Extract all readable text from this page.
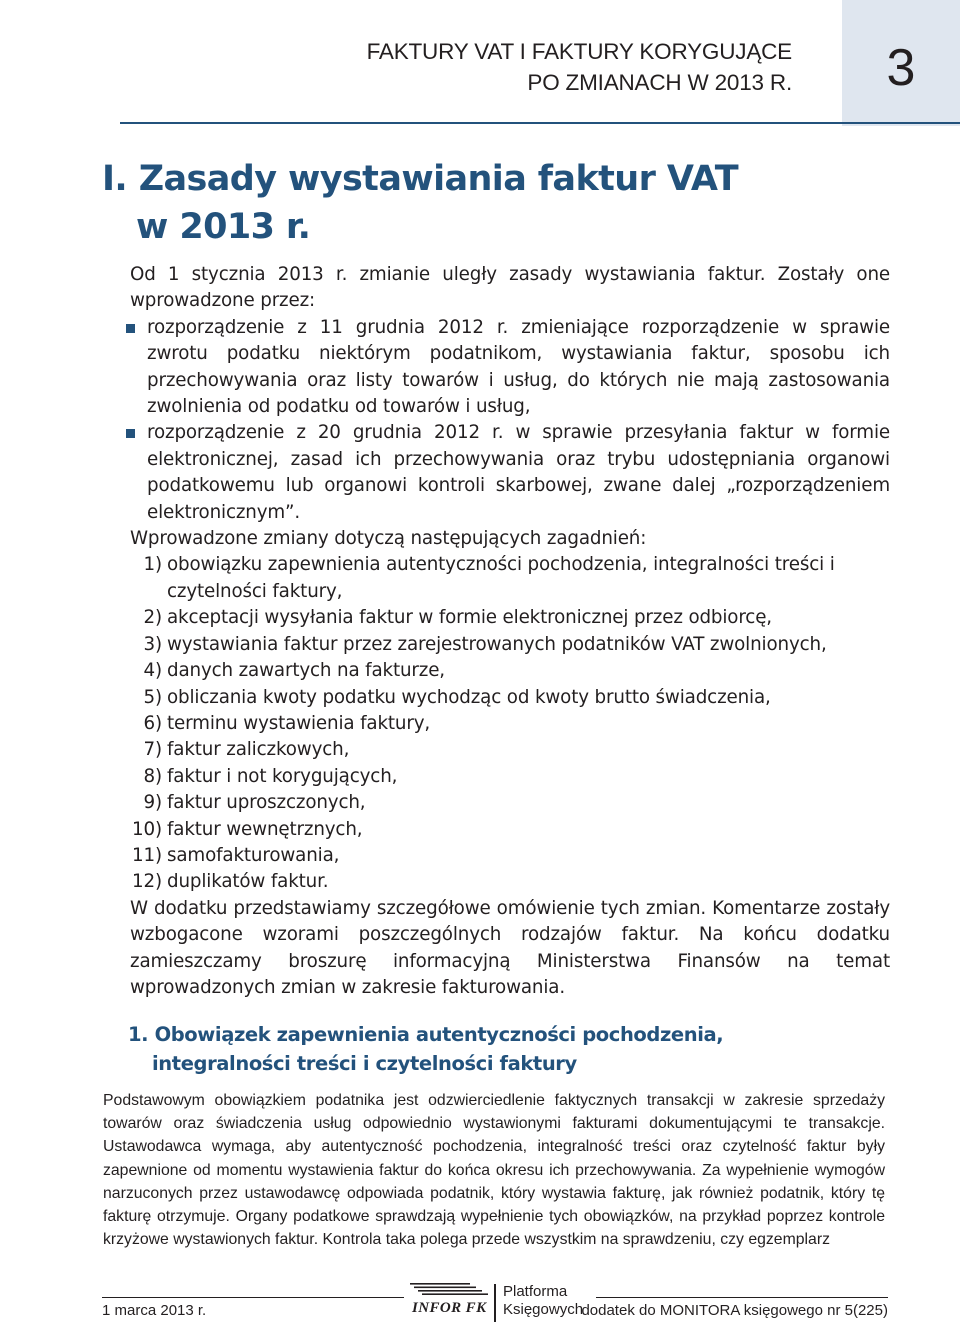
3
FAKTURY VAT I FAKTURY KORYGUJĄCE
PO ZMIANACH W 2013 R.
I. Zasady wystawiania faktur VAT
w 2013 r.

Od 1 stycznia 2013 r. zmianie uległy zasady wystawiania faktur. Zostały one wprowadzone przez:

rozporządzenie z 11 grudnia 2012 r. zmieniające rozporządzenie w sprawie zwrotu podatku niektórym podatnikom, wystawiania faktur, sposobu ich przechowywania oraz listy towarów i usług, do których nie mają zastosowania zwolnienia od podatku od towarów i usług,

rozporządzenie z 20 grudnia 2012 r. w sprawie przesyłania faktur w formie elektronicznej, zasad ich przechowywania oraz trybu udostępniania organowi podatkowemu lub organowi kontroli skarbowej, zwane dalej „rozporządzeniem elektronicznym”.

Wprowadzone zmiany dotyczą następujących zagadnień:

1) obowiązku zapewnienia autentyczności pochodzenia, integralności treści i czytelności faktury,
2) akceptacji wysyłania faktur w formie elektronicznej przez odbiorcę,
3) wystawiania faktur przez zarejestrowanych podatników VAT zwolnionych,
4) danych zawartych na fakturze,
5) obliczania kwoty podatku wychodząc od kwoty brutto świadczenia,
6) terminu wystawienia faktury,
7) faktur zaliczkowych,
8) faktur i not korygujących,
9) faktur uproszczonych,
10) faktur wewnętrznych,
11) samofakturowania,
12) duplikatów faktur.

W dodatku przedstawiamy szczegółowe omówienie tych zmian. Komentarze zostały wzbogacone wzorami poszczególnych rodzajów faktur. Na końcu dodatku zamieszczamy broszurę informacyjną Ministerstwa Finansów na temat wprowadzonych zmian w zakresie fakturowania.

1. Obowiązek zapewnienia autentyczności pochodzenia,
integralności treści i czytelności faktury

Podstawowym obowiązkiem podatnika jest odzwierciedlenie faktycznych transakcji w zakresie sprzedaży towarów oraz świadczenia usług odpowiednio wystawionymi fakturami dokumentującymi te transakcje. Ustawodawca wymaga, aby autentyczność pochodzenia, integralność treści oraz czytelność faktur były zapewnione od momentu wystawienia faktur do końca okresu ich przechowywania. Za wypełnienie wymogów narzuconych przez ustawodawcę odpowiada podatnik, który wystawia fakturę, jak również podatnik, który tę fakturę otrzymuje. Organy podatkowe sprawdzają wypełnienie tych obowiązków, na przykład poprzez kontrole krzyżowe wystawionych faktur. Kontrola taka polega przede wszystkim na sprawdzeniu, czy egzemplarz

1 marca 2013 r.	INFOR FK
Platforma
Księgowych
dodatek do MONITORA księgowego nr 5(225)
